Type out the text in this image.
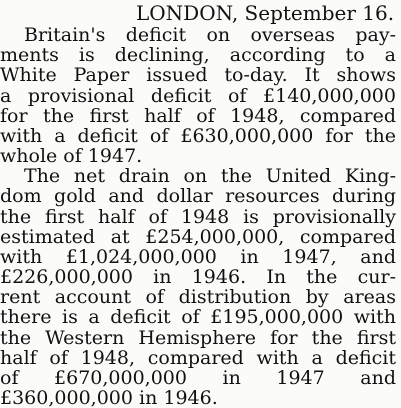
LONDON, September 16.
Britain's deficit on overseas pay-
ments is declining, according to a
White Paper issued to-day. It shows
a provisional deficit of £140,000,000
for the first half of 1948, compared
with a deficit of £630,000,000 for the
whole of 1947.
The net drain on the United King-
dom gold and dollar resources during
the first half of 1948 is provisionally
estimated at £254,000,000, compared
with £1,024,000,000 in 1947, and
£226,000,000 in 1946. In the cur-
rent account of distribution by areas
there is a deficit of £195,000,000 with
the Western Hemisphere for the first
half of 1948, compared with a deficit
of £670,000,000 in 1947 and
£360,000,000 in 1946.
